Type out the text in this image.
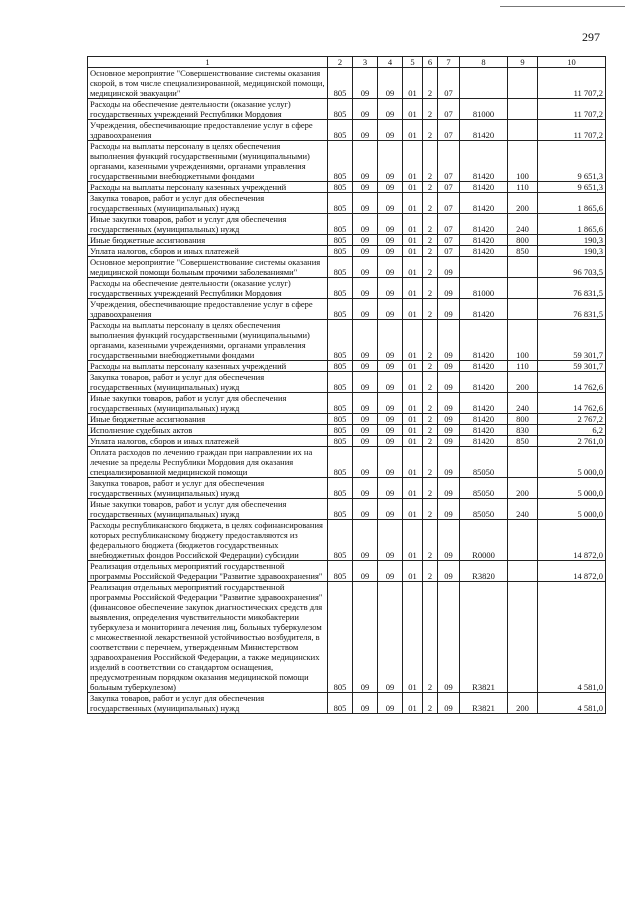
297
1	2	3	4	5	6	7	8	9	10
Основное мероприятие "Совершенствование системы оказания скорой, в том числе специализированной, медицинской помощи, медицинской эвакуации"	805	09	09	01	2	07			11 707,2
Расходы на обеспечение деятельности (оказание услуг) государственных учреждений Республики Мордовия	805	09	09	01	2	07	81000		11 707,2
Учреждения, обеспечивающие предоставление услуг в сфере здравоохранения	805	09	09	01	2	07	81420		11 707,2
Расходы на выплаты персоналу в целях обеспечения выполнения функций государственными (муниципальными) органами, казенными учреждениями, органами управления государственными внебюджетными фондами	805	09	09	01	2	07	81420	100	9 651,3
Расходы на выплаты персоналу казенных учреждений	805	09	09	01	2	07	81420	110	9 651,3
Закупка товаров, работ и услуг для обеспечения государственных (муниципальных) нужд	805	09	09	01	2	07	81420	200	1 865,6
Иные закупки товаров, работ и услуг для обеспечения государственных (муниципальных) нужд	805	09	09	01	2	07	81420	240	1 865,6
Иные бюджетные ассигнования	805	09	09	01	2	07	81420	800	190,3
Уплата налогов, сборов и иных платежей	805	09	09	01	2	07	81420	850	190,3
Основное мероприятие "Совершенствование системы оказания медицинской помощи больным прочими заболеваниями"	805	09	09	01	2	09			96 703,5
Расходы на обеспечение деятельности (оказание услуг) государственных учреждений Республики Мордовия	805	09	09	01	2	09	81000		76 831,5
Учреждения, обеспечивающие предоставление услуг в сфере здравоохранения	805	09	09	01	2	09	81420		76 831,5
Расходы на выплаты персоналу в целях обеспечения выполнения функций государственными (муниципальными) органами, казенными учреждениями, органами управления государственными внебюджетными фондами	805	09	09	01	2	09	81420	100	59 301,7
Расходы на выплаты персоналу казенных учреждений	805	09	09	01	2	09	81420	110	59 301,7
Закупка товаров, работ и услуг для обеспечения государственных (муниципальных) нужд	805	09	09	01	2	09	81420	200	14 762,6
Иные закупки товаров, работ и услуг для обеспечения государственных (муниципальных) нужд	805	09	09	01	2	09	81420	240	14 762,6
Иные бюджетные ассигнования	805	09	09	01	2	09	81420	800	2 767,2
Исполнение судебных актов	805	09	09	01	2	09	81420	830	6,2
Уплата налогов, сборов и иных платежей	805	09	09	01	2	09	81420	850	2 761,0
Оплата расходов по лечению граждан при направлении их на лечение за пределы Республики Мордовия для оказания специализированной медицинской помощи	805	09	09	01	2	09	85050		5 000,0
Закупка товаров, работ и услуг для обеспечения государственных (муниципальных) нужд	805	09	09	01	2	09	85050	200	5 000,0
Иные закупки товаров, работ и услуг для обеспечения государственных (муниципальных) нужд	805	09	09	01	2	09	85050	240	5 000,0
Расходы республиканского бюджета, в целях софинансирования которых республиканскому бюджету предоставляются из федерального бюджета (бюджетов государственных внебюджетных фондов Российской Федерации) субсидии	805	09	09	01	2	09	R0000		14 872,0
Реализация отдельных мероприятий государственной программы Российской Федерации "Развитие здравоохранения"	805	09	09	01	2	09	R3820		14 872,0
Реализация отдельных мероприятий государственной программы Российской Федерации "Развитие здравоохранения" (финансовое обеспечение закупок диагностических средств для выявления, определения чувствительности микобактерии туберкулеза и мониторинга лечения лиц, больных туберкулезом с множественной лекарственной устойчивостью возбудителя, в соответствии с перечнем, утвержденным Министерством здравоохранения Российской Федерации, а также медицинских изделий в соответствии со стандартом оснащения, предусмотренным порядком оказания медицинской помощи больным туберкулезом)	805	09	09	01	2	09	R3821		4 581,0
Закупка товаров, работ и услуг для обеспечения государственных (муниципальных) нужд	805	09	09	01	2	09	R3821	200	4 581,0
